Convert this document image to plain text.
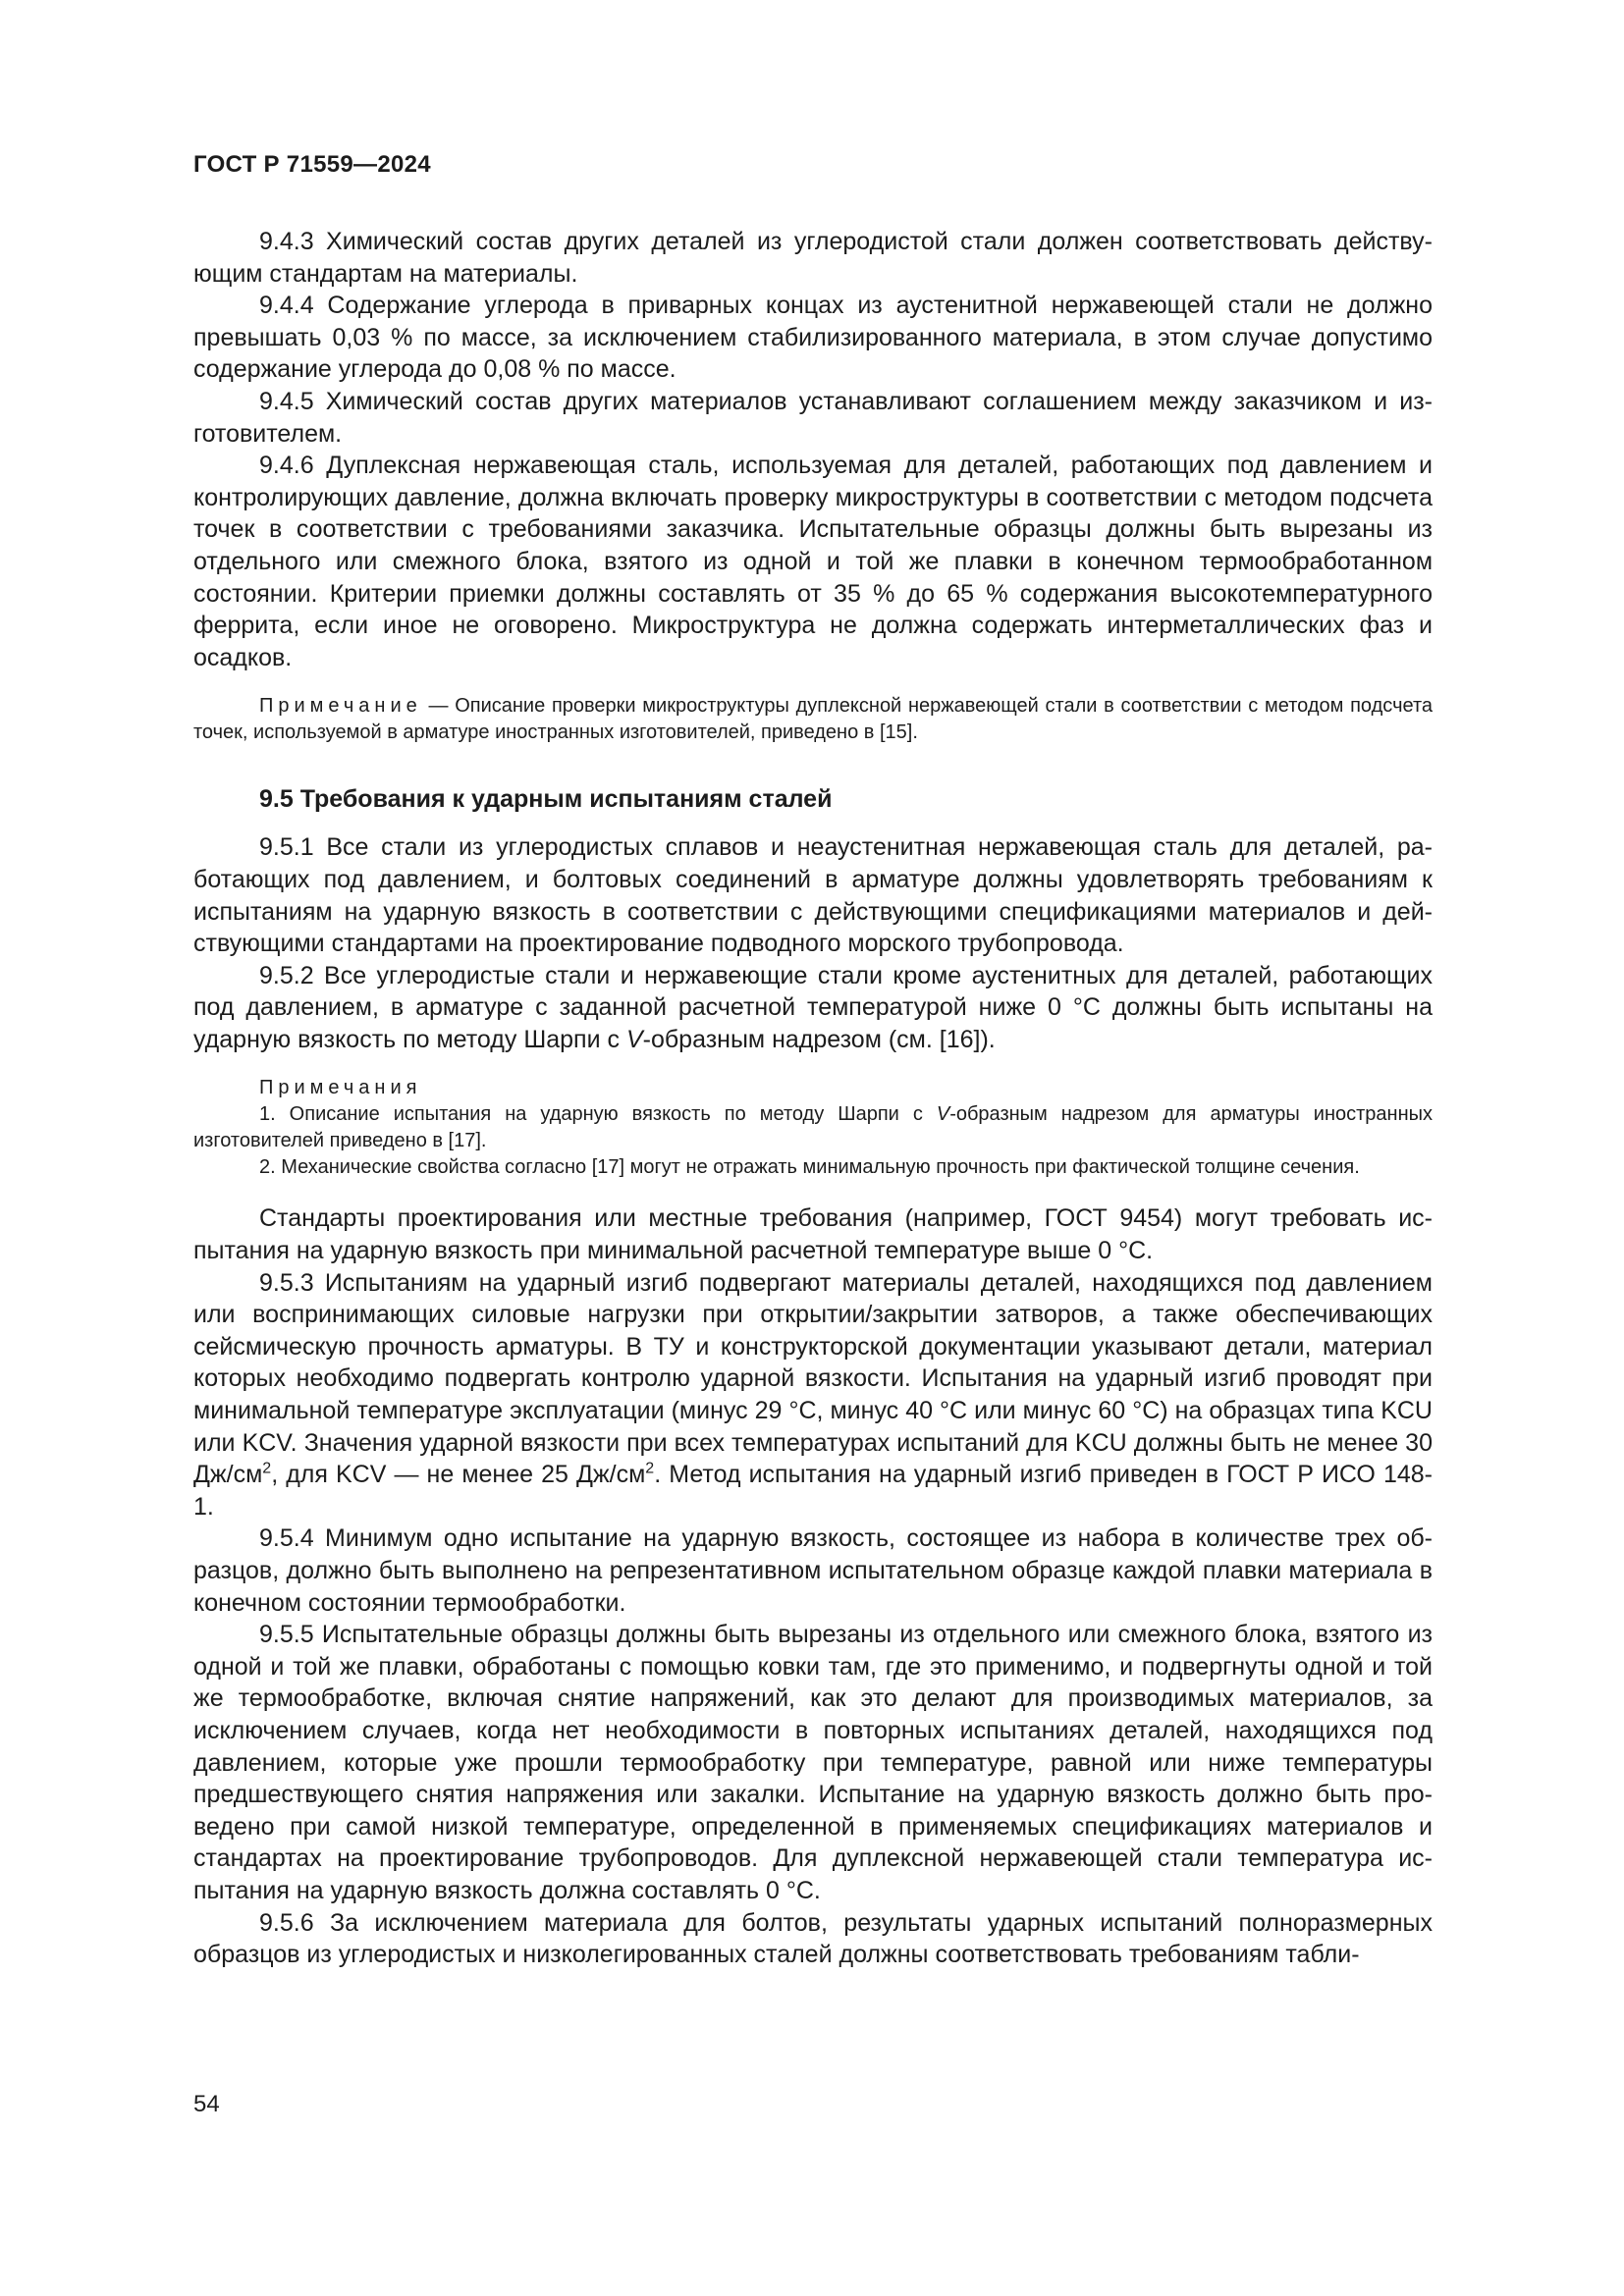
ГОСТ Р 71559—2024

9.4.3 Химический состав других деталей из углеродистой стали должен соответствовать действующим стандартам на материалы.

9.4.4 Содержание углерода в приварных концах из аустенитной нержавеющей стали не должно превышать 0,03 % по массе, за исключением стабилизированного материала, в этом случае допустимо содержание углерода до 0,08 % по массе.

9.4.5 Химический состав других материалов устанавливают соглашением между заказчиком и изготовителем.

9.4.6 Дуплексная нержавеющая сталь, используемая для деталей, работающих под давлением и контролирующих давление, должна включать проверку микроструктуры в соответствии с методом подсчета точек в соответствии с требованиями заказчика. Испытательные образцы должны быть вырезаны из отдельного или смежного блока, взятого из одной и той же плавки в конечном термообработанном состоянии. Критерии приемки должны составлять от 35 % до 65 % содержания высокотемпературного феррита, если иное не оговорено. Микроструктура не должна содержать интерметаллических фаз и осадков.

Примечание — Описание проверки микроструктуры дуплексной нержавеющей стали в соответствии с методом подсчета точек, используемой в арматуре иностранных изготовителей, приведено в [15].

9.5 Требования к ударным испытаниям сталей

9.5.1 Все стали из углеродистых сплавов и неаустенитная нержавеющая сталь для деталей, работающих под давлением, и болтовых соединений в арматуре должны удовлетворять требованиям к испытаниям на ударную вязкость в соответствии с действующими спецификациями материалов и действующими стандартами на проектирование подводного морского трубопровода.

9.5.2 Все углеродистые стали и нержавеющие стали кроме аустенитных для деталей, работающих под давлением, в арматуре с заданной расчетной температурой ниже 0 °С должны быть испытаны на ударную вязкость по методу Шарпи с V-образным надрезом (см. [16]).

Примечания

1. Описание испытания на ударную вязкость по методу Шарпи с V-образным надрезом для арматуры иностранных изготовителей приведено в [17].

2. Механические свойства согласно [17] могут не отражать минимальную прочность при фактической толщине сечения.

Стандарты проектирования или местные требования (например, ГОСТ 9454) могут требовать испытания на ударную вязкость при минимальной расчетной температуре выше 0 °С.

9.5.3 Испытаниям на ударный изгиб подвергают материалы деталей, находящихся под давлением или воспринимающих силовые нагрузки при открытии/закрытии затворов, а также обеспечивающих сейсмическую прочность арматуры. В ТУ и конструкторской документации указывают детали, материал которых необходимо подвергать контролю ударной вязкости. Испытания на ударный изгиб проводят при минимальной температуре эксплуатации (минус 29 °С, минус 40 °С или минус 60 °С) на образцах типа KCU или KCV. Значения ударной вязкости при всех температурах испытаний для KCU должны быть не менее 30 $Дж/см^2$, для KCV — не менее 25 $Дж/см^2$. Метод испытания на ударный изгиб приведен в ГОСТ Р ИСО 148-1.

9.5.4 Минимум одно испытание на ударную вязкость, состоящее из набора в количестве трех образцов, должно быть выполнено на репрезентативном испытательном образце каждой плавки материала в конечном состоянии термообработки.

9.5.5 Испытательные образцы должны быть вырезаны из отдельного или смежного блока, взятого из одной и той же плавки, обработаны с помощью ковки там, где это применимо, и подвергнуты одной и той же термообработке, включая снятие напряжений, как это делают для производимых материалов, за исключением случаев, когда нет необходимости в повторных испытаниях деталей, находящихся под давлением, которые уже прошли термообработку при температуре, равной или ниже температуры предшествующего снятия напряжения или закалки. Испытание на ударную вязкость должно быть проведено при самой низкой температуре, определенной в применяемых спецификациях материалов и стандартах на проектирование трубопроводов. Для дуплексной нержавеющей стали температура испытания на ударную вязкость должна составлять 0 °С.

9.5.6 За исключением материала для болтов, результаты ударных испытаний полноразмерных образцов из углеродистых и низколегированных сталей должны соответствовать требованиям табли-

54
